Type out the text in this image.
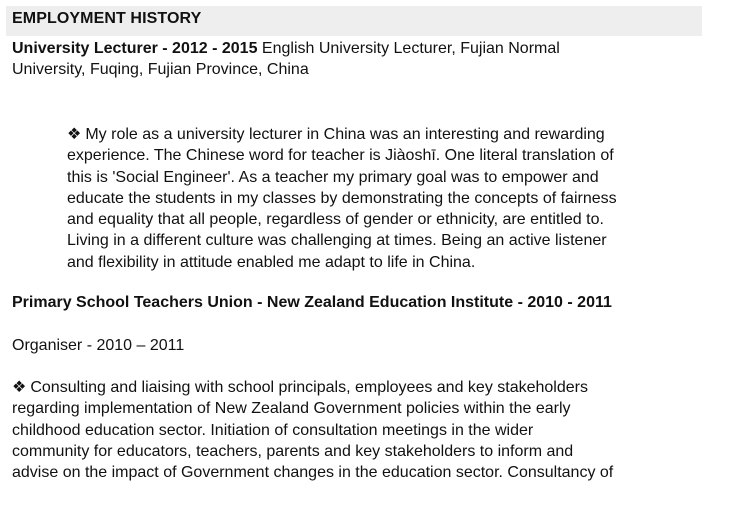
EMPLOYMENT HISTORY
University Lecturer - 2012 - 2015 English University Lecturer, Fujian Normal
University, Fuqing, Fujian Province, China
❖ My role as a university lecturer in China was an interesting and rewarding
experience. The Chinese word for teacher is Jiàoshī. One literal translation of
this is 'Social Engineer'. As a teacher my primary goal was to empower and
educate the students in my classes by demonstrating the concepts of fairness
and equality that all people, regardless of gender or ethnicity, are entitled to.
Living in a different culture was challenging at times. Being an active listener
and flexibility in attitude enabled me adapt to life in China.
Primary School Teachers Union - New Zealand Education Institute - 2010 - 2011
Organiser - 2010 – 2011
❖ Consulting and liaising with school principals, employees and key stakeholders
regarding implementation of New Zealand Government policies within the early
childhood education sector. Initiation of consultation meetings in the wider
community for educators, teachers, parents and key stakeholders to inform and
advise on the impact of Government changes in the education sector. Consultancy of
